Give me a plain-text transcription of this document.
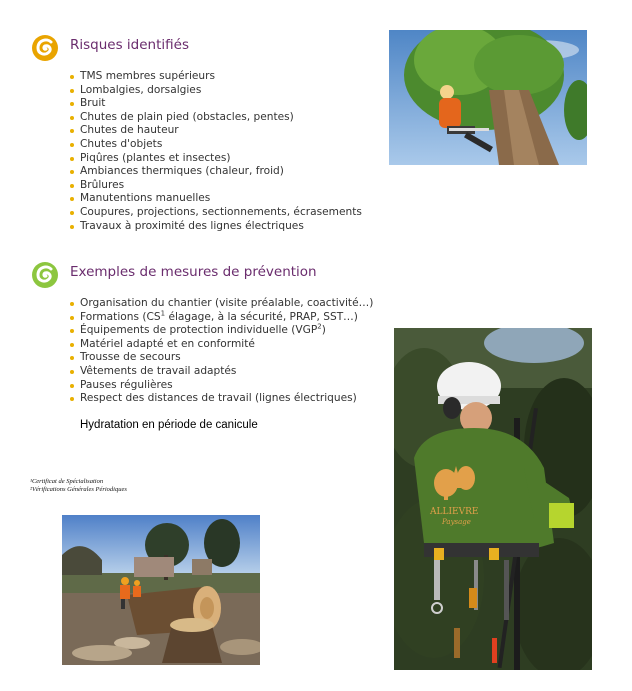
Risques identifiés
TMS membres supérieurs
Lombalgies, dorsalgies
Bruit
Chutes de plain pied (obstacles, pentes)
Chutes de hauteur
Chutes d'objets
Piqûres (plantes et insectes)
Ambiances thermiques (chaleur, froid)
Brûlures
Manutentions manuelles
Coupures, projections, sectionnements, écrasements
Travaux à proximité des lignes électriques
Exemples de mesures de prévention
Organisation du chantier (visite préalable, coactivité…)
Formations ($CS^1$ élagage, à la sécurité, PRAP, SST…)
Équipements de protection individuelle (VGP$^2$)
Matériel adapté et en conformité
Trousse de secours
Vêtements de travail adaptés
Pauses régulières
Respect des distances de travail (lignes électriques)
Hydratation en période de canicule
¹Certificat de Spécialisation
²Vérifications Générales Périodiques
ALLIEVRE
Paysage
